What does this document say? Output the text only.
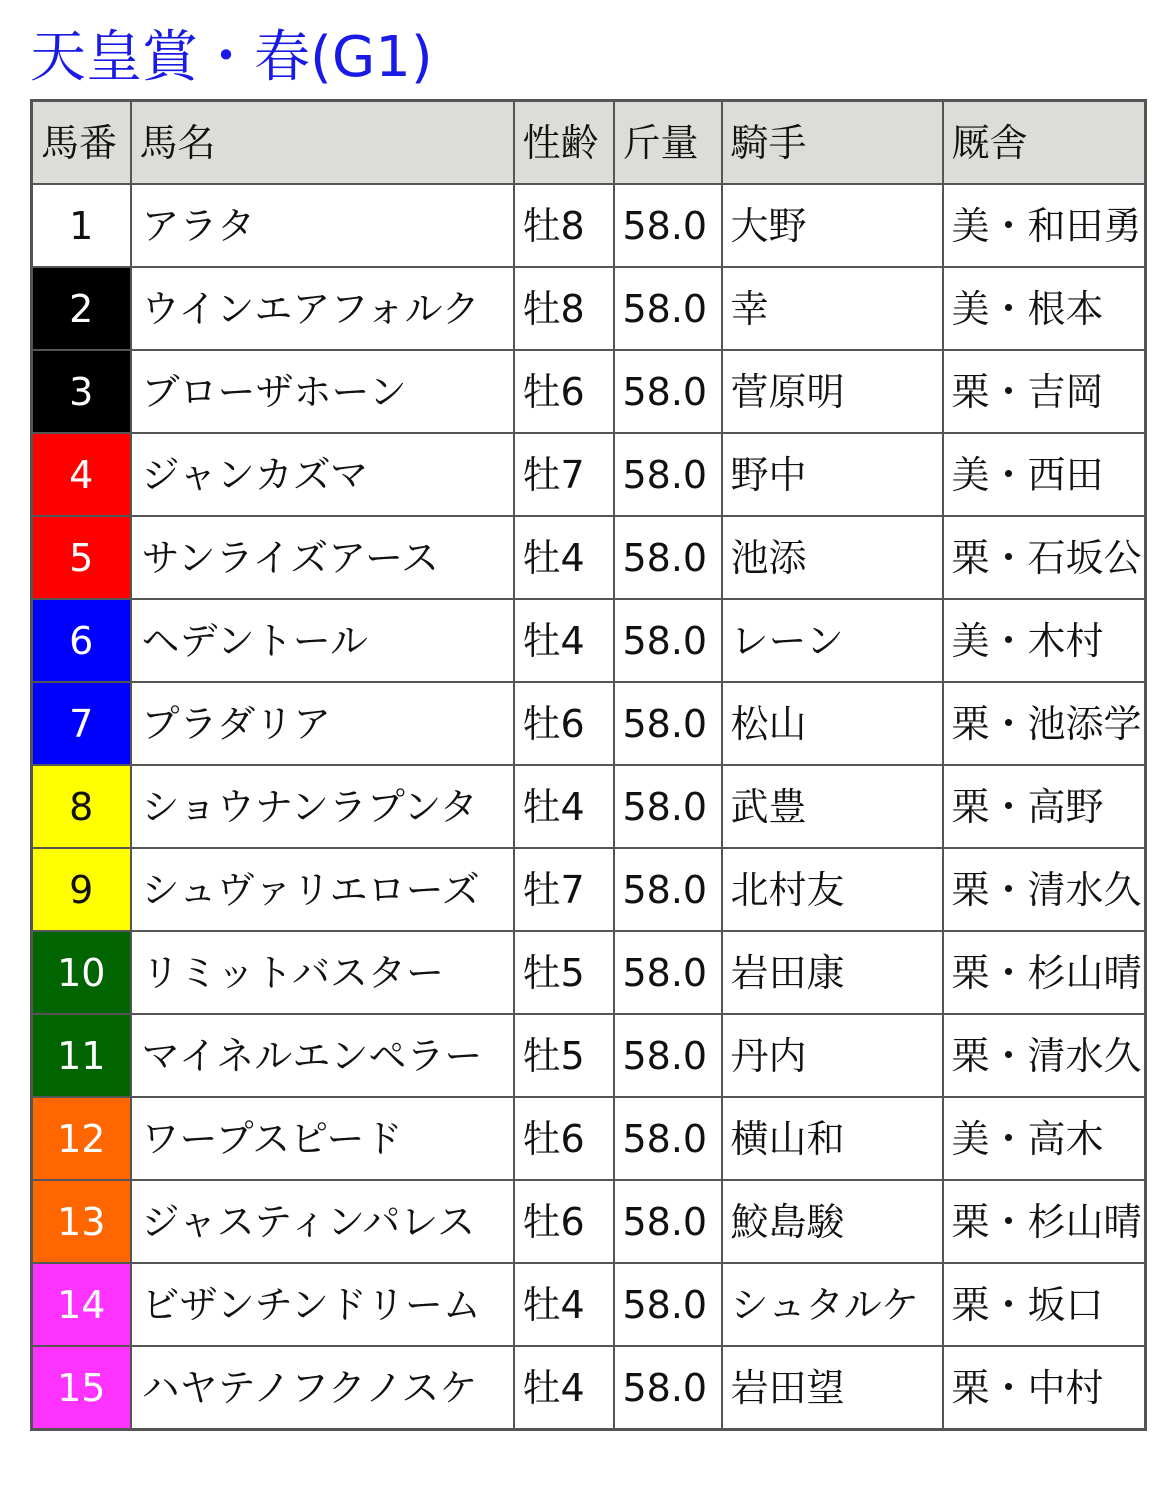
天皇賞・春(G1)
馬番	馬名	性齢	斤量	騎手	厩舎
1	アラタ	牡8	58.0	大野	美・和田勇
2	ウインエアフォルク	牡8	58.0	幸	美・根本
3	ブローザホーン	牡6	58.0	菅原明	栗・吉岡
4	ジャンカズマ	牡7	58.0	野中	美・西田
5	サンライズアース	牡4	58.0	池添	栗・石坂公
6	ヘデントール	牡4	58.0	レーン	美・木村
7	プラダリア	牡6	58.0	松山	栗・池添学
8	ショウナンラプンタ	牡4	58.0	武豊	栗・高野
9	シュヴァリエローズ	牡7	58.0	北村友	栗・清水久
10	リミットバスター	牡5	58.0	岩田康	栗・杉山晴
11	マイネルエンペラー	牡5	58.0	丹内	栗・清水久
12	ワープスピード	牡6	58.0	横山和	美・高木
13	ジャスティンパレス	牡6	58.0	鮫島駿	栗・杉山晴
14	ビザンチンドリーム	牡4	58.0	シュタルケ	栗・坂口
15	ハヤテノフクノスケ	牡4	58.0	岩田望	栗・中村
